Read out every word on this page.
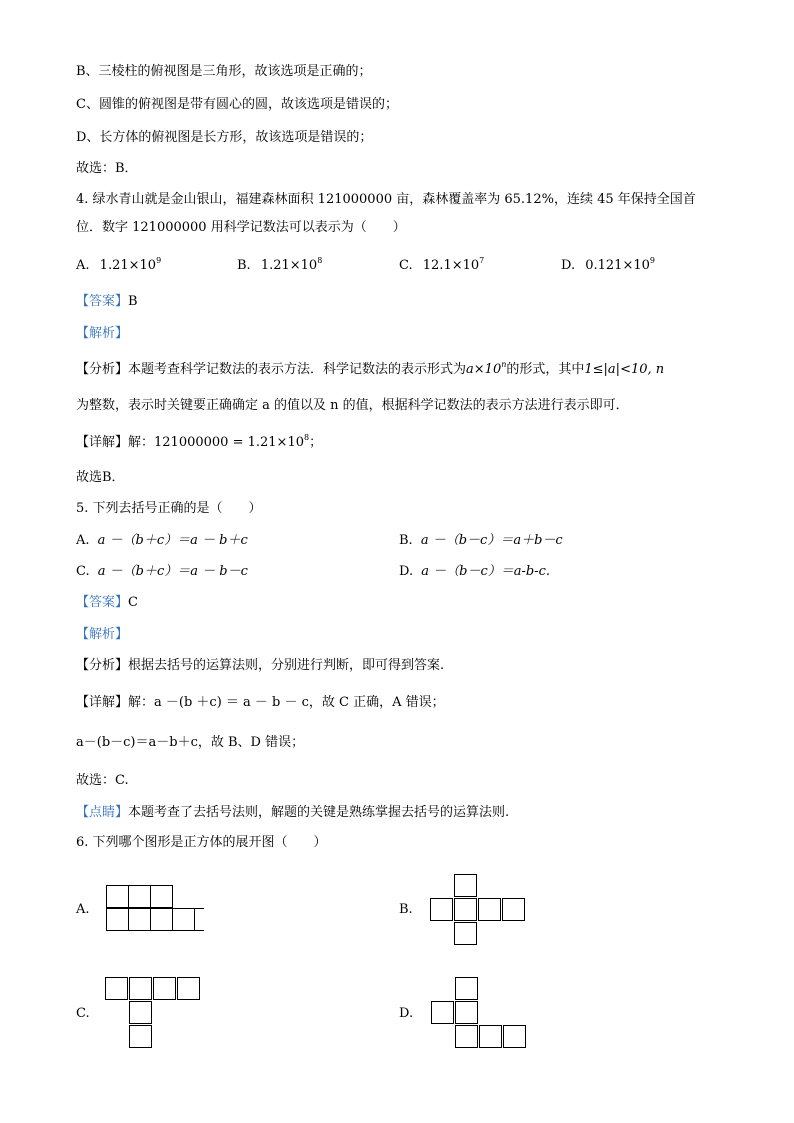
B、三棱柱的俯视图是三角形，故该选项是正确的；
C、圆锥的俯视图是带有圆心的圆，故该选项是错误的；
D、长方体的俯视图是长方形，故该选项是错误的；
故选：B．
4. 绿水青山就是金山银山，福建森林面积 121000000 亩，森林覆盖率为 65.12%，连续 45 年保持全国首
位．数字 121000000 用科学记数法可以表示为（　　）
A. $1.21\times 10^9$	B. $1.21\times 10^8$	C. $12.1\times 10^7$	D. $0.121\times 10^9$
【答案】B
【解析】
【分析】本题考查科学记数法的表示方法．科学记数法的表示形式为$a\times 10^n$的形式，其中1≤|a|<10, n
为整数，表示时关键要正确确定 a 的值以及 n 的值，根据科学记数法的表示方法进行表示即可．
【详解】解：$121000000 = 1.21\times 10^8$；
故选B．
5. 下列去括号正确的是（　　）
A. a －（b＋c）＝a － b＋c	B. a －（b－c）＝a＋b－c
C. a －（b＋c）＝a － b－c	D. a －（b－c）＝a-b-c.
【答案】C
【解析】
【分析】根据去括号的运算法则，分别进行判断，即可得到答案.
【详解】解：a －(b ＋c) ＝ a － b － c，故 C 正确，A 错误；
a－(b－c)＝a－b＋c，故 B、D 错误；
故选：C.
【点睛】本题考查了去括号法则，解题的关键是熟练掌握去括号的运算法则.
6. 下列哪个图形是正方体的展开图（　　）
A.	B.
C.	D.
